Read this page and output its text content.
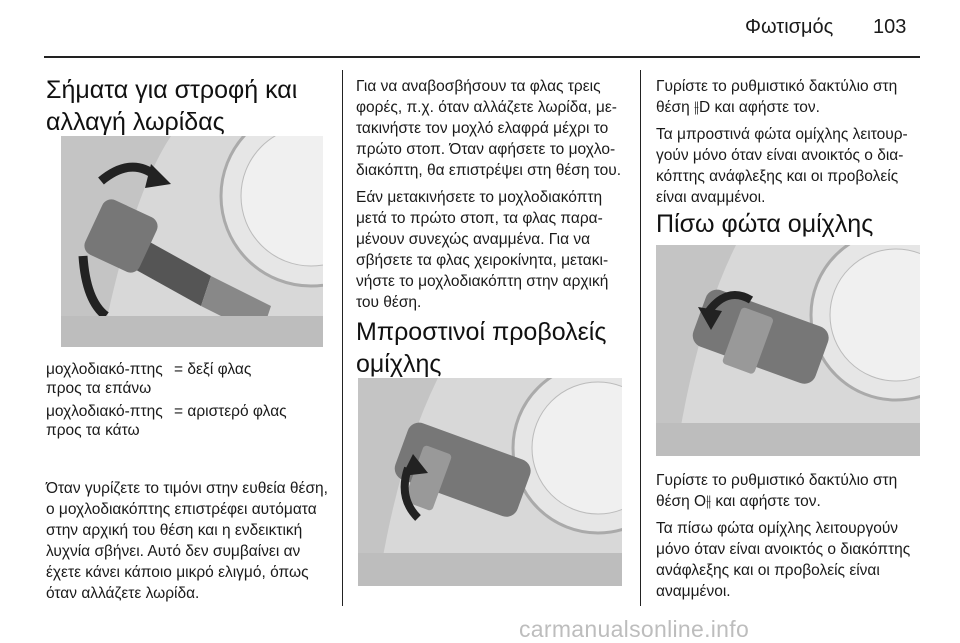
Φωτισμός 103
Σήματα για στροφή και
αλλαγή λωρίδας
μοχλοδιακό-πτης προς τα επάνω
= δεξί φλας
μοχλοδιακό-πτης προς τα κάτω
= αριστερό φλας

Όταν γυρίζετε το τιμόνι στην ευθεία θέση, ο μοχλοδιακόπτης επιστρέφει αυτόματα στην αρχική του θέση και η ενδεικτική λυχνία σβήνει. Αυτό δεν συμβαίνει αν έχετε κάνει κάποιο μικρό ελιγμό, όπως όταν αλλάζετε λωρίδα.

Για να αναβοσβήσουν τα φλας τρεις φορές, π.χ. όταν αλλάζετε λωρίδα, με-τακινήστε τον μοχλό ελαφρά μέχρι το πρώτο στοπ. Όταν αφήσετε το μοχλο-διακόπτη, θα επιστρέψει στη θέση του.

Εάν μετακινήσετε το μοχλοδιακόπτη μετά το πρώτο στοπ, τα φλας παρα-μένουν συνεχώς αναμμένα. Για να σβήσετε τα φλας χειροκίνητα, μετακι-νήστε το μοχλοδιακόπτη στην αρχική του θέση.

Μπροστινοί προβολείς
ομίχλης

Γυρίστε το ρυθμιστικό δακτύλιο στη θέση ⫲D και αφήστε τον.

Τα μπροστινά φώτα ομίχλης λειτουρ-γούν μόνο όταν είναι ανοικτός ο δια-κόπτης ανάφλεξης και οι προβολείς είναι αναμμένοι.

Πίσω φώτα ομίχλης

Γυρίστε το ρυθμιστικό δακτύλιο στη θέση O⫲ και αφήστε τον.

Τα πίσω φώτα ομίχλης λειτουργούν μόνο όταν είναι ανοικτός ο διακόπτης ανάφλεξης και οι προβολείς είναι αναμμένοι.

carmanualsonline.info
